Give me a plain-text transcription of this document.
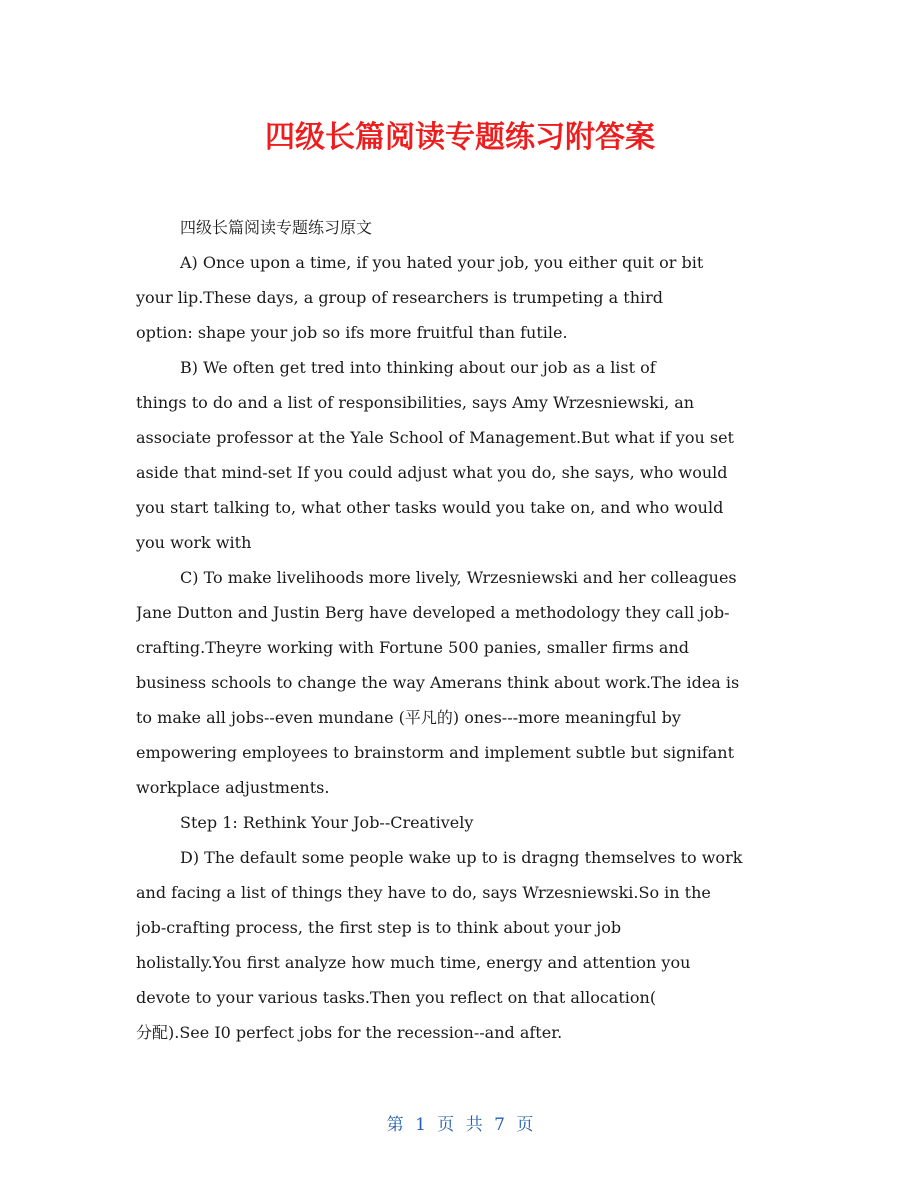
四级长篇阅读专题练习附答案
四级长篇阅读专题练习原文
A) Once upon a time, if you hated your job, you either quit or bit
your lip.These days, a group of researchers is trumpeting a third
option: shape your job so ifs more fruitful than futile.
B) We often get tred into thinking about our job as a list of
things to do and a list of responsibilities, says Amy Wrzesniewski, an
associate professor at the Yale School of Management.But what if you set
aside that mind-set If you could adjust what you do, she says, who would
you start talking to, what other tasks would you take on, and who would
you work with
C) To make livelihoods more lively, Wrzesniewski and her colleagues
Jane Dutton and Justin Berg have developed a methodology they call job-
crafting.Theyre working with Fortune 500 panies, smaller firms and
business schools to change the way Amerans think about work.The idea is
to make all jobs--even mundane (平凡的) ones---more meaningful by
empowering employees to brainstorm and implement subtle but signifant
workplace adjustments.
Step 1: Rethink Your Job--Creatively
D) The default some people wake up to is dragng themselves to work
and facing a list of things they have to do, says Wrzesniewski.So in the
job-crafting process, the first step is to think about your job
holistally.You first analyze how much time, energy and attention you
devote to your various tasks.Then you reflect on that allocation(
分配).See I0 perfect jobs for the recession--and after.
第 1 页 共 7 页
